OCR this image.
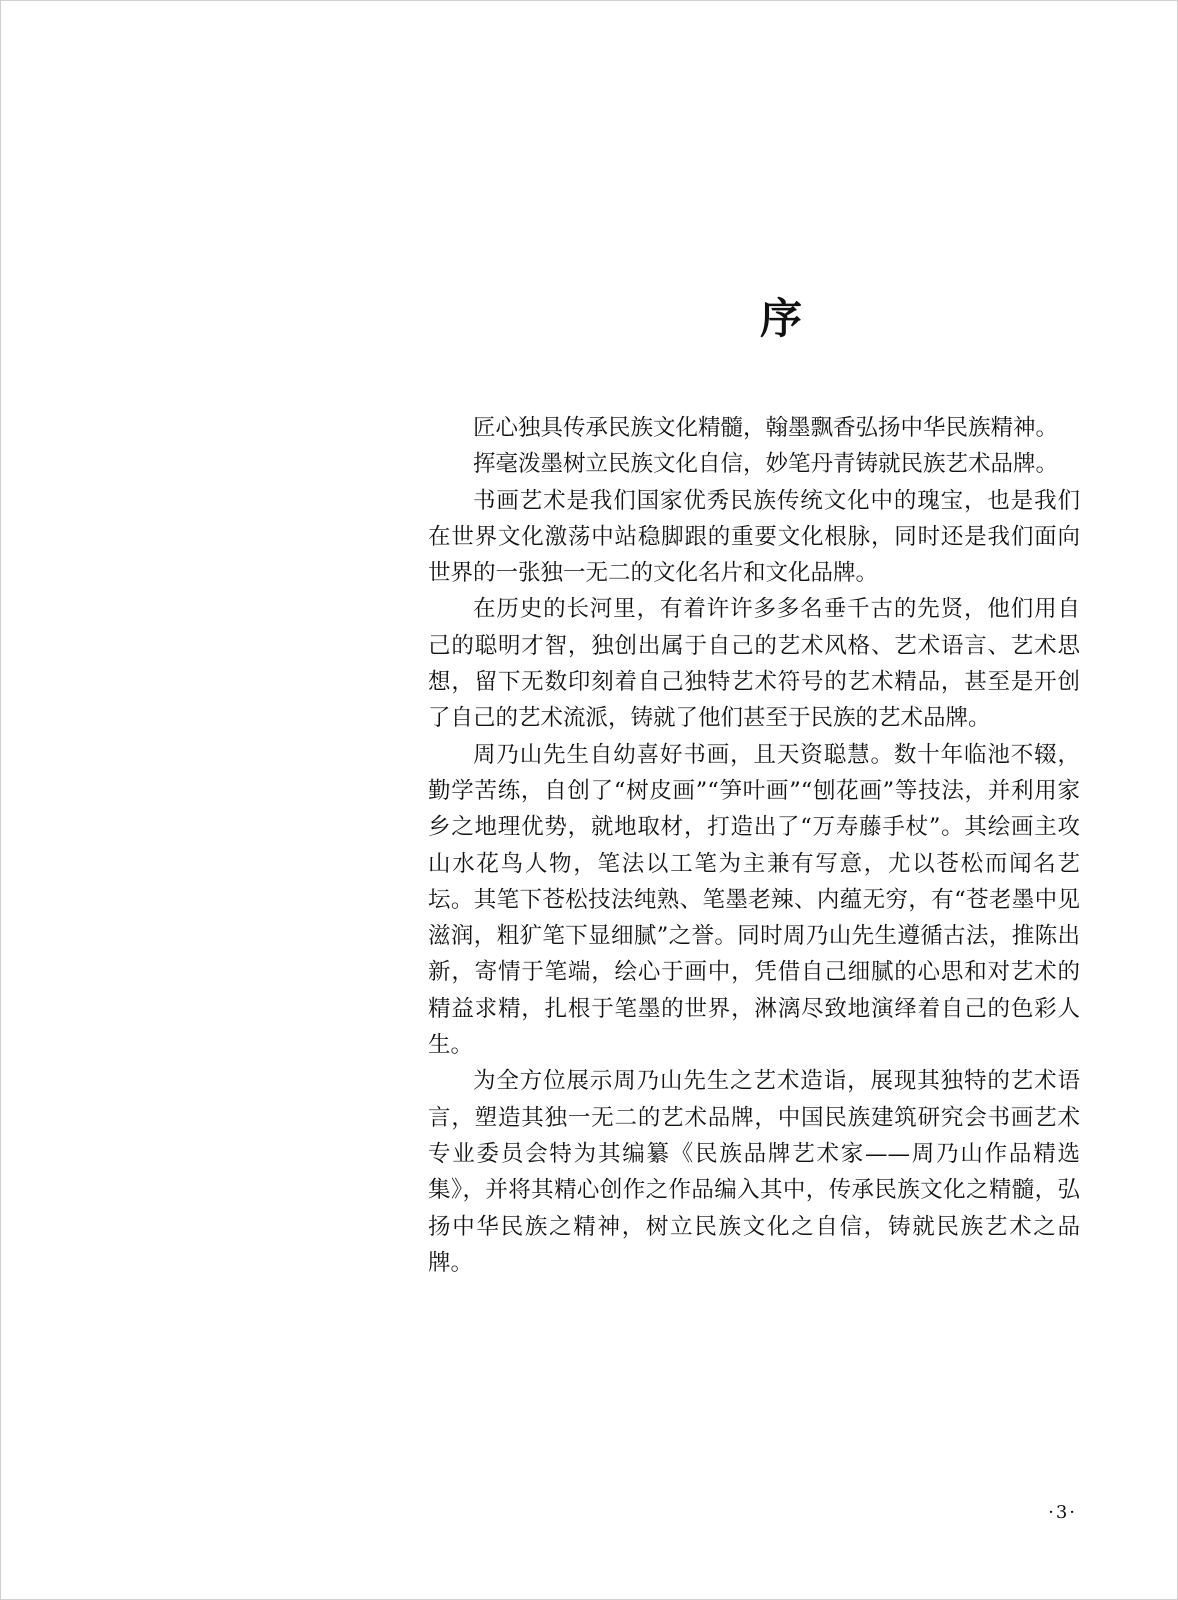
序

匠心独具传承民族文化精髓，翰墨飘香弘扬中华民族精神。

挥毫泼墨树立民族文化自信，妙笔丹青铸就民族艺术品牌。

书画艺术是我们国家优秀民族传统文化中的瑰宝，也是我们在世界文化激荡中站稳脚跟的重要文化根脉，同时还是我们面向世界的一张独一无二的文化名片和文化品牌。

在历史的长河里，有着许许多多名垂千古的先贤，他们用自己的聪明才智，独创出属于自己的艺术风格、艺术语言、艺术思想，留下无数印刻着自己独特艺术符号的艺术精品，甚至是开创了自己的艺术流派，铸就了他们甚至于民族的艺术品牌。

周乃山先生自幼喜好书画，且天资聪慧。数十年临池不辍，勤学苦练，自创了“树皮画”“笋叶画”“刨花画”等技法，并利用家乡之地理优势，就地取材，打造出了“万寿藤手杖”。其绘画主攻山水花鸟人物，笔法以工笔为主兼有写意，尤以苍松而闻名艺坛。其笔下苍松技法纯熟、笔墨老辣、内蕴无穷，有“苍老墨中见滋润，粗犷笔下显细腻”之誉。同时周乃山先生遵循古法，推陈出新，寄情于笔端，绘心于画中，凭借自己细腻的心思和对艺术的精益求精，扎根于笔墨的世界，淋漓尽致地演绎着自己的色彩人生。

为全方位展示周乃山先生之艺术造诣，展现其独特的艺术语言，塑造其独一无二的艺术品牌，中国民族建筑研究会书画艺术专业委员会特为其编纂《民族品牌艺术家——周乃山作品精选集》，并将其精心创作之作品编入其中，传承民族文化之精髓，弘扬中华民族之精神，树立民族文化之自信，铸就民族艺术之品牌。

·3·
